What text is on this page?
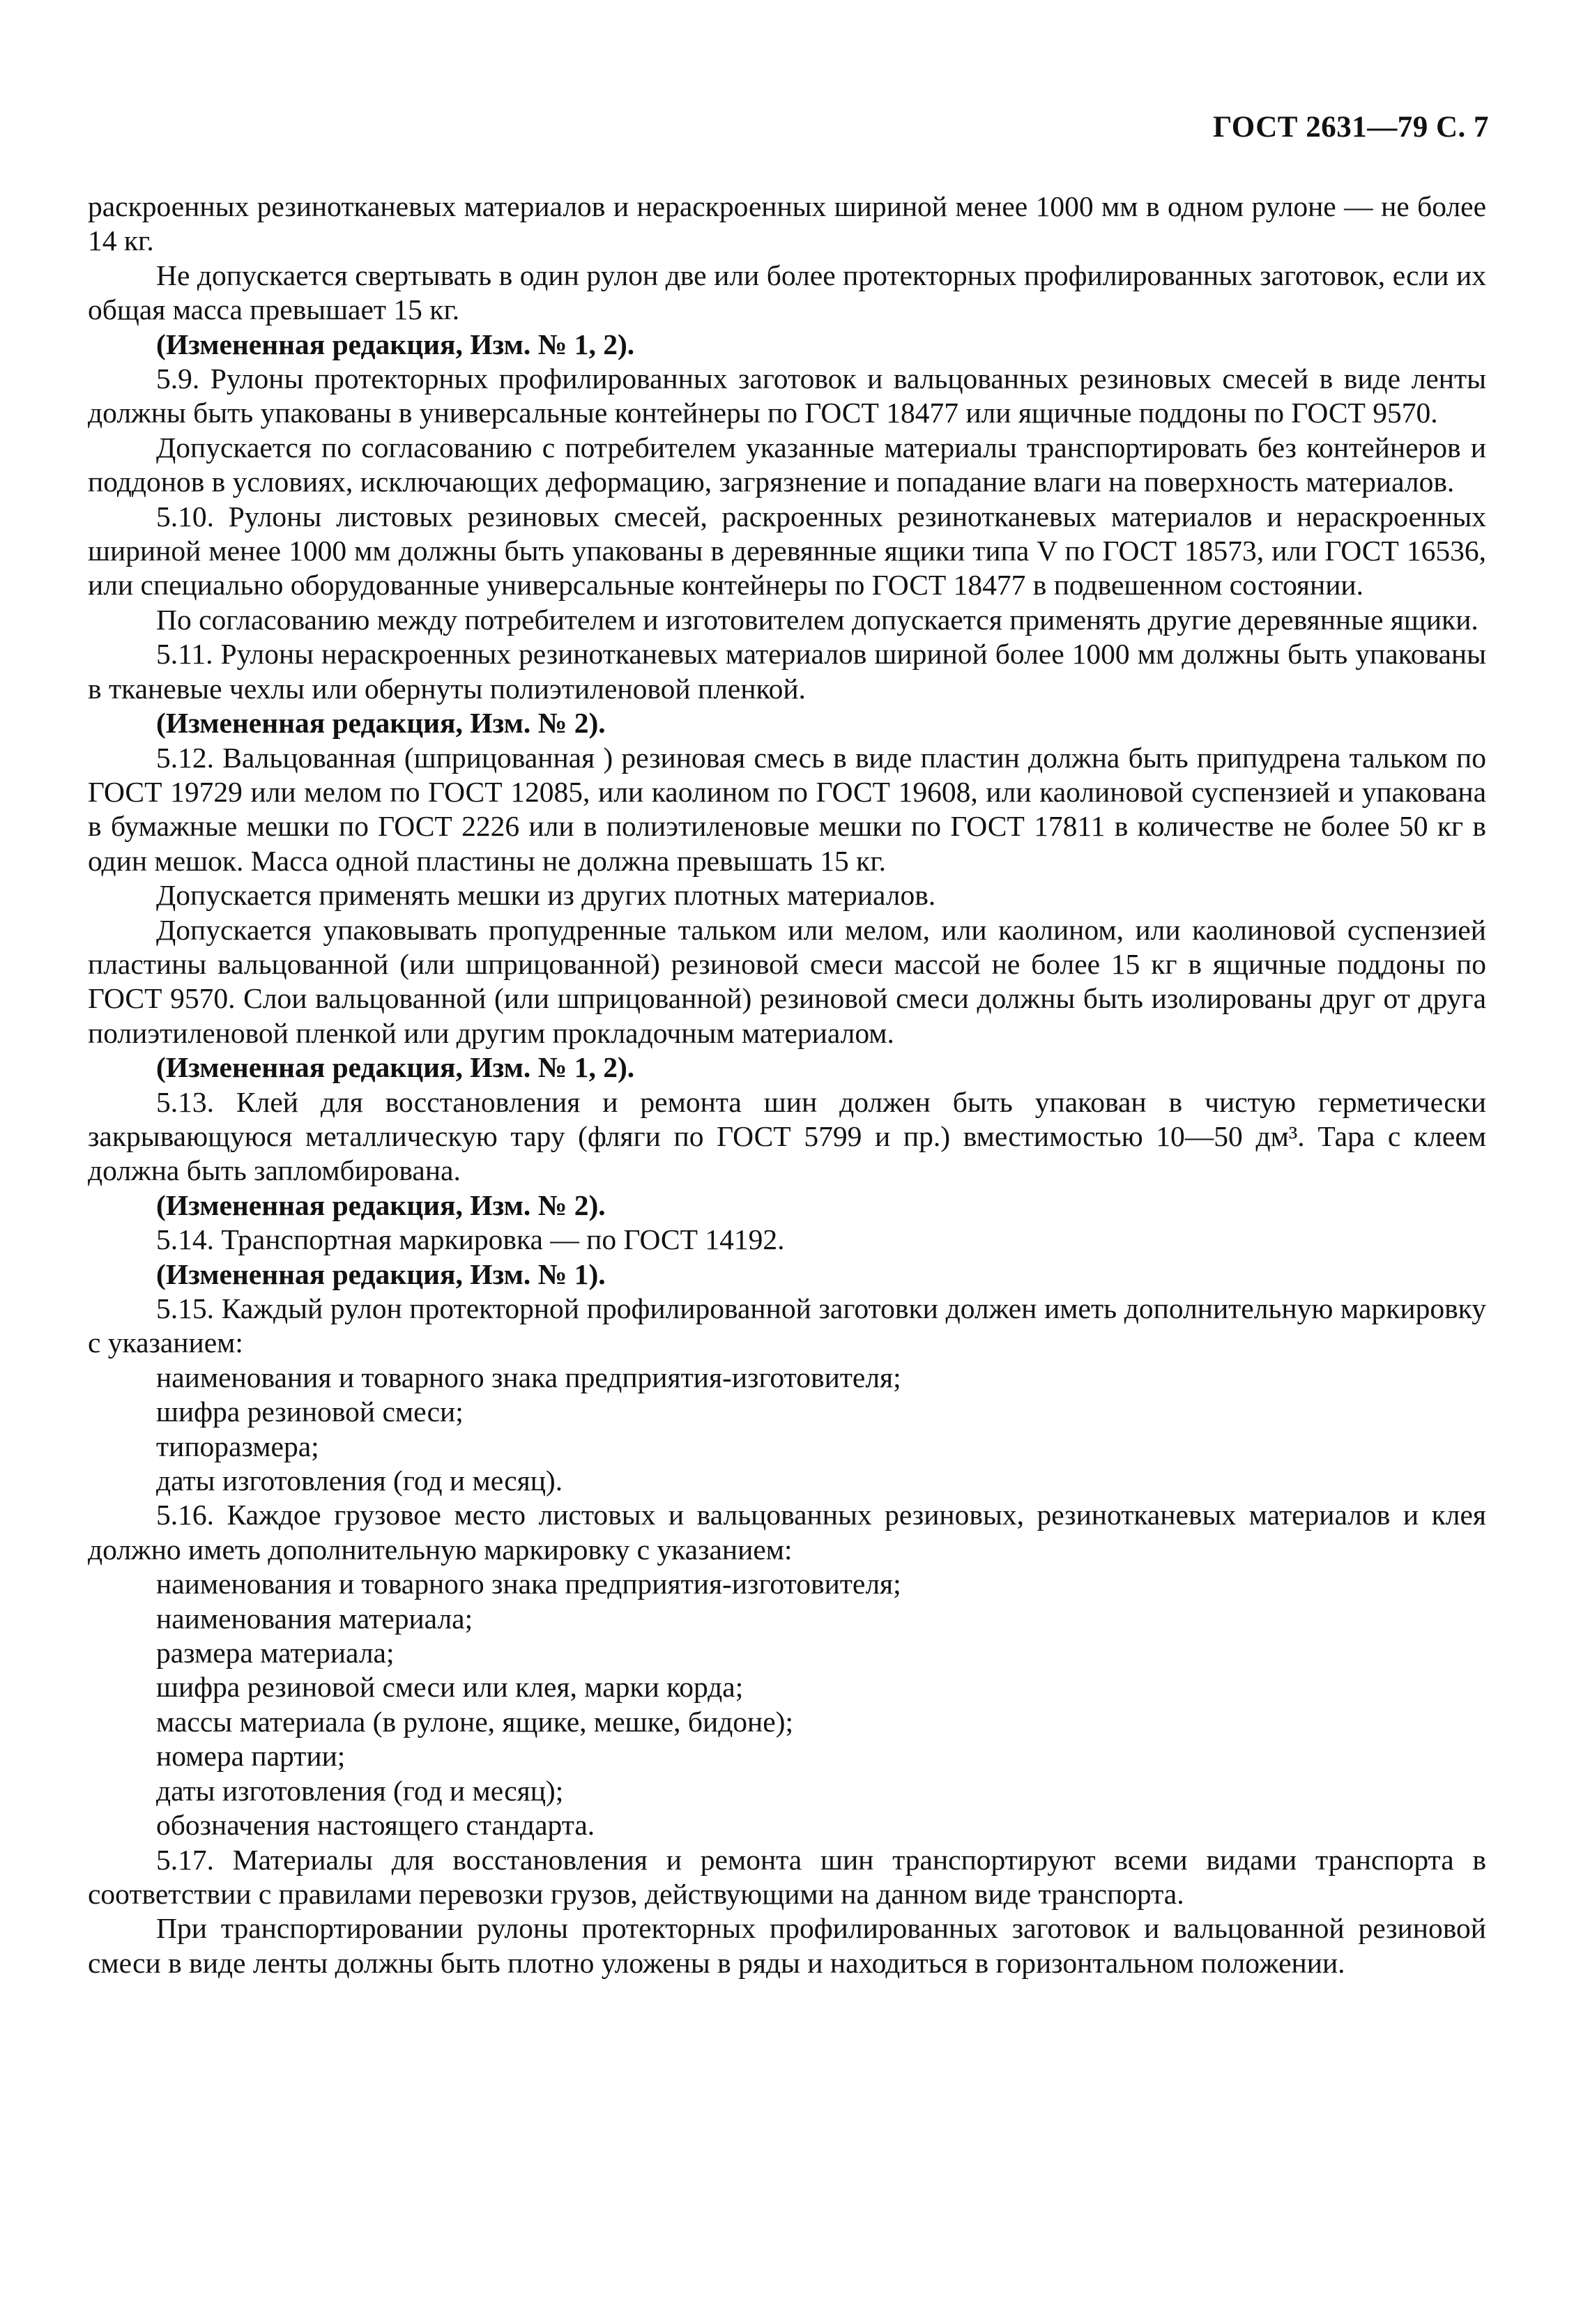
ГОСТ 2631—79 С. 7

раскроенных резинотканевых материалов и нераскроенных шириной менее 1000 мм в одном рулоне — не более 14 кг.

Не допускается свертывать в один рулон две или более протекторных профилированных заготовок, если их общая масса превышает 15 кг.

(Измененная редакция, Изм. № 1, 2).

5.9. Рулоны протекторных профилированных заготовок и вальцованных резиновых смесей в виде ленты должны быть упакованы в универсальные контейнеры по ГОСТ 18477 или ящичные поддоны по ГОСТ 9570.

Допускается по согласованию с потребителем указанные материалы транспортировать без контейнеров и поддонов в условиях, исключающих деформацию, загрязнение и попадание влаги на поверхность материалов.

5.10. Рулоны листовых резиновых смесей, раскроенных резинотканевых материалов и нераскроенных шириной менее 1000 мм должны быть упакованы в деревянные ящики типа V по ГОСТ 18573, или ГОСТ 16536, или специально оборудованные универсальные контейнеры по ГОСТ 18477 в подвешенном состоянии.

По согласованию между потребителем и изготовителем допускается применять другие деревянные ящики.

5.11. Рулоны нераскроенных резинотканевых материалов шириной более 1000 мм должны быть упакованы в тканевые чехлы или обернуты полиэтиленовой пленкой.

(Измененная редакция, Изм. № 2).

5.12. Вальцованная (шприцованная ) резиновая смесь в виде пластин должна быть припудрена тальком по ГОСТ 19729 или мелом по ГОСТ 12085, или каолином по ГОСТ 19608, или каолиновой суспензией и упакована в бумажные мешки по ГОСТ 2226 или в полиэтиленовые мешки по ГОСТ 17811 в количестве не более 50 кг в один мешок. Масса одной пластины не должна превышать 15 кг.

Допускается применять мешки из других плотных материалов.

Допускается упаковывать пропудренные тальком или мелом, или каолином, или каолиновой суспензией пластины вальцованной (или шприцованной) резиновой смеси массой не более 15 кг в ящичные поддоны по ГОСТ 9570. Слои вальцованной (или шприцованной) резиновой смеси должны быть изолированы друг от друга полиэтиленовой пленкой или другим прокладочным материалом.

(Измененная редакция, Изм. № 1, 2).

5.13. Клей для восстановления и ремонта шин должен быть упакован в чистую герметически закрывающуюся металлическую тару (фляги по ГОСТ 5799 и пр.) вместимостью 10—50 дм³. Тара с клеем должна быть запломбирована.

(Измененная редакция, Изм. № 2).

5.14. Транспортная маркировка — по ГОСТ 14192.

(Измененная редакция, Изм. № 1).

5.15. Каждый рулон протекторной профилированной заготовки должен иметь дополнительную маркировку с указанием:

наименования и товарного знака предприятия-изготовителя;

шифра резиновой смеси;

типоразмера;

даты изготовления (год и месяц).

5.16. Каждое грузовое место листовых и вальцованных резиновых, резинотканевых материалов и клея должно иметь дополнительную маркировку с указанием:

наименования и товарного знака предприятия-изготовителя;

наименования материала;

размера материала;

шифра резиновой смеси или клея, марки корда;

массы материала (в рулоне, ящике, мешке, бидоне);

номера партии;

даты изготовления (год и месяц);

обозначения настоящего стандарта.

5.17. Материалы для восстановления и ремонта шин транспортируют всеми видами транспорта в соответствии с правилами перевозки грузов, действующими на данном виде транспорта.

При транспортировании рулоны протекторных профилированных заготовок и вальцованной резиновой смеси в виде ленты должны быть плотно уложены в ряды и находиться в горизонтальном положении.
